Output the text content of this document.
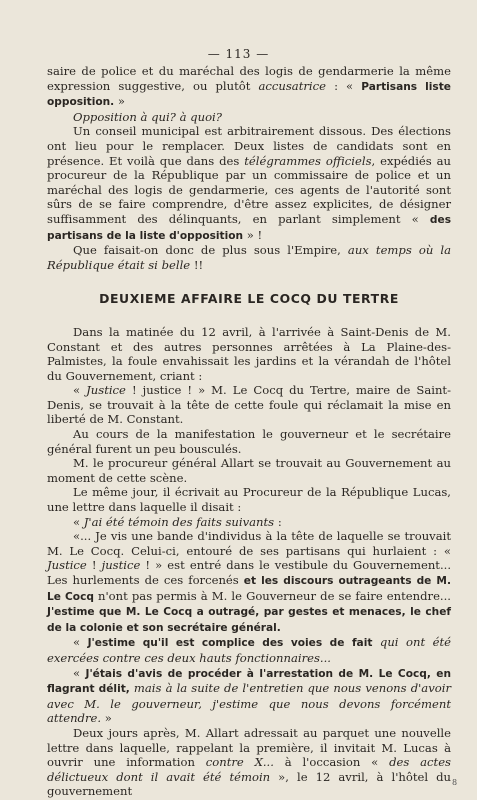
— 113 —

saire de police et du maréchal des logis de gendarmerie la même expression suggestive, ou plutôt accusatrice : « Partisans liste opposition. »

Opposition à qui? à quoi?

Un conseil municipal est arbitrairement dissous. Des élections ont lieu pour le remplacer. Deux listes de candidats sont en présence. Et voilà que dans des télégrammes officiels, expédiés au procureur de la République par un commissaire de police et un maréchal des logis de gendarmerie, ces agents de l'autorité sont sûrs de se faire comprendre, d'être assez explicites, de désigner suffisamment des délinquants, en parlant simplement « des partisans de la liste d'opposition » !

Que faisait-on donc de plus sous l'Empire, aux temps où la République était si belle !!

DEUXIEME AFFAIRE LE COCQ DU TERTRE

Dans la matinée du 12 avril, à l'arrivée à Saint-Denis de M. Constant et des autres personnes arrêtées à La Plaine-des-Palmistes, la foule envahissait les jardins et la vérandah de l'hôtel du Gouvernement, criant :

« Justice ! justice ! » M. Le Cocq du Tertre, maire de Saint-Denis, se trouvait à la tête de cette foule qui réclamait la mise en liberté de M. Constant.

Au cours de la manifestation le gouverneur et le secrétaire général furent un peu bousculés.

M. le procureur général Allart se trouvait au Gouvernement au moment de cette scène.

Le même jour, il écrivait au Procureur de la République Lucas, une lettre dans laquelle il disait :

« J'ai été témoin des faits suivants :

«... Je vis une bande d'individus à la tête de laquelle se trouvait M. Le Cocq. Celui-ci, entouré de ses partisans qui hurlaient : « Justice ! justice ! » est entré dans le vestibule du Gouvernement... Les hurlements de ces forcenés et les discours outrageants de M. Le Cocq n'ont pas permis à M. le Gouverneur de se faire entendre... J'estime que M. Le Cocq a outragé, par gestes et menaces, le chef de la colonie et son secrétaire général.

« J'estime qu'il est complice des voies de fait qui ont été exercées contre ces deux hauts fonctionnaires...

« J'étais d'avis de procéder à l'arrestation de M. Le Cocq, en flagrant délit, mais à la suite de l'entretien que nous venons d'avoir avec M. le gouverneur, j'estime que nous devons forcément attendre. »

Deux jours après, M. Allart adressait au parquet une nouvelle lettre dans laquelle, rappelant la première, il invitait M. Lucas à ouvrir une information contre X... à l'occasion « des actes délictueux dont il avait été témoin », le 12 avril, à l'hôtel du gouvernement

8
